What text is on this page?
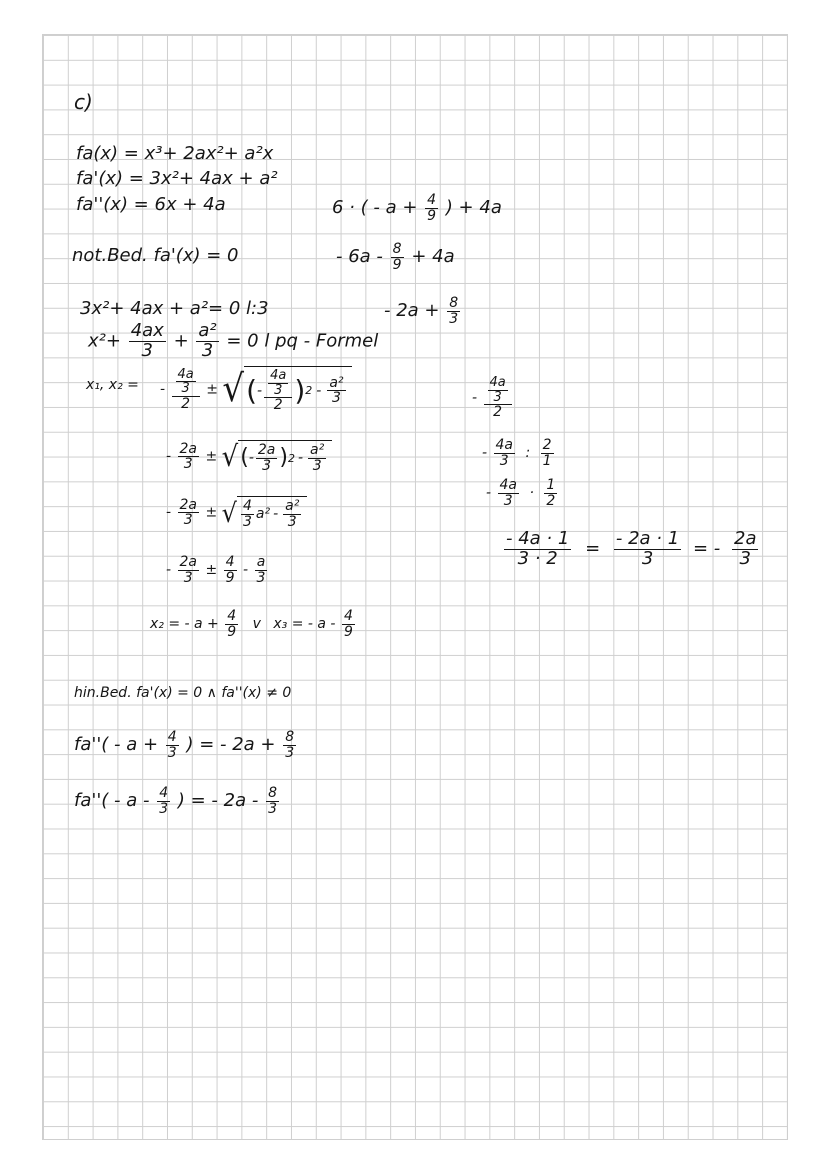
c)
fa(x) = x³+ 2ax²+ a²x
fa'(x) = 3x²+ 4ax + a²
fa''(x) = 6x + 4a
not.Bed. fa'(x) = 0
3x²+ 4ax + a²= 0 l:3
$x^2+ \frac{4ax}{3} + \frac{\text{a²}}{3} = 0$ l pq - Formel
x₁, x₂ = - $\frac{\frac{4a}{3}}{2}$ ± √ ( - $\frac{\frac{4a}{3}}{2}$ ) $2 - \frac{\text{a²}}{3}$
- $\frac{2a}{3}$ ± √ ( - $\frac{2a}{3}$ ) $2 - \frac{\text{a²}}{3}$
- $\frac{2a}{3}$ ± √ $\frac{4}{3} a^2 - \frac{\text{a²}}{3}$
- $\frac{2a}{3} \pm \frac{4}{9} - \frac{a}{3}$
x₂ = - $a + \frac{4}{9}$ v x₃ = - a - $\frac{4}{9}$
6 · ( - $a + \frac{4}{9}$ ) + 4a
- $6a - \frac{8}{9} + 4a$
- $2a + \frac{8}{3}$
- $\frac{\frac{4a}{3}}{2}$
- $\frac{4a}{3}$ : $\frac{2}{1}$
- $\frac{4a}{3} \cdot \frac{1}{2}$
$\frac{- 4a \cdot 1}{3 \cdot 2} = \frac{- 2a \cdot 1}{3}$ = - $\frac{2a}{3}$
hin.Bed. fa'(x) = 0 ∧ fa''(x) ≠ 0
$fa''( - a + \frac{4}{3}$ ) = - $2a + \frac{8}{3}$
fa''( - a - $\frac{4}{3}$ ) = - $2a - \frac{8}{3}$
